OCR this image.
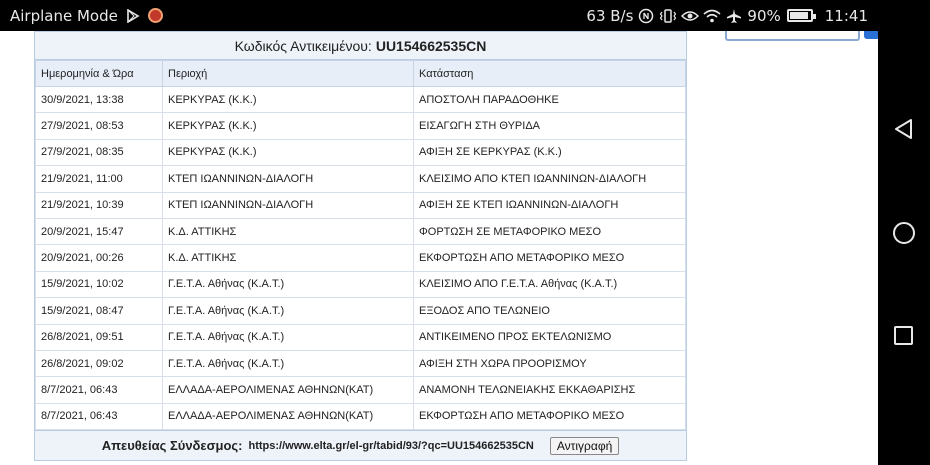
Airplane Mode	63 B/s	90%	11:41
Κωδικός Αντικειμένου: UU154662535CN
Ημερομηνία & Ώρα	Περιοχή	Κατάσταση
30/9/2021, 13:38	ΚΕΡΚΥΡΑΣ (Κ.Κ.)	ΑΠΟΣΤΟΛΗ ΠΑΡΑΔΟΘΗΚΕ
27/9/2021, 08:53	ΚΕΡΚΥΡΑΣ (Κ.Κ.)	ΕΙΣΑΓΩΓΗ ΣΤΗ ΘΥΡΙΔΑ
27/9/2021, 08:35	ΚΕΡΚΥΡΑΣ (Κ.Κ.)	ΑΦΙΞΗ ΣΕ ΚΕΡΚΥΡΑΣ (Κ.Κ.)
21/9/2021, 11:00	ΚΤΕΠ ΙΩΑΝΝΙΝΩΝ-ΔΙΑΛΟΓΗ	ΚΛΕΙΣΙΜΟ ΑΠΟ ΚΤΕΠ ΙΩΑΝΝΙΝΩΝ-ΔΙΑΛΟΓΗ
21/9/2021, 10:39	ΚΤΕΠ ΙΩΑΝΝΙΝΩΝ-ΔΙΑΛΟΓΗ	ΑΦΙΞΗ ΣΕ ΚΤΕΠ ΙΩΑΝΝΙΝΩΝ-ΔΙΑΛΟΓΗ
20/9/2021, 15:47	Κ.Δ. ΑΤΤΙΚΗΣ	ΦΟΡΤΩΣΗ ΣΕ ΜΕΤΑΦΟΡΙΚΟ ΜΕΣΟ
20/9/2021, 00:26	Κ.Δ. ΑΤΤΙΚΗΣ	ΕΚΦΟΡΤΩΣΗ ΑΠΟ ΜΕΤΑΦΟΡΙΚΟ ΜΕΣΟ
15/9/2021, 10:02	Γ.Ε.Τ.Α. Αθήνας (Κ.Α.Τ.)	ΚΛΕΙΣΙΜΟ ΑΠΟ Γ.Ε.Τ.Α. Αθήνας (Κ.Α.Τ.)
15/9/2021, 08:47	Γ.Ε.Τ.Α. Αθήνας (Κ.Α.Τ.)	ΕΞΟΔΟΣ ΑΠΟ ΤΕΛΩΝΕΙΟ
26/8/2021, 09:51	Γ.Ε.Τ.Α. Αθήνας (Κ.Α.Τ.)	ΑΝΤΙΚΕΙΜΕΝΟ ΠΡΟΣ ΕΚΤΕΛΩΝΙΣΜΟ
26/8/2021, 09:02	Γ.Ε.Τ.Α. Αθήνας (Κ.Α.Τ.)	ΑΦΙΞΗ ΣΤΗ ΧΩΡΑ ΠΡΟΟΡΙΣΜΟΥ
8/7/2021, 06:43	ΕΛΛΑΔΑ-ΑΕΡΟΛΙΜΕΝΑΣ ΑΘΗΝΩΝ(ΚΑΤ)	ΑΝΑΜΟΝΗ ΤΕΛΩΝΕΙΑΚΗΣ ΕΚΚΑΘΑΡΙΣΗΣ
8/7/2021, 06:43	ΕΛΛΑΔΑ-ΑΕΡΟΛΙΜΕΝΑΣ ΑΘΗΝΩΝ(ΚΑΤ)	ΕΚΦΟΡΤΩΣΗ ΑΠΟ ΜΕΤΑΦΟΡΙΚΟ ΜΕΣΟ
Απευθείας Σύνδεσμος: https://www.elta.gr/el-gr/tabid/93/?qc=UU154662535CN	Αντιγραφή
